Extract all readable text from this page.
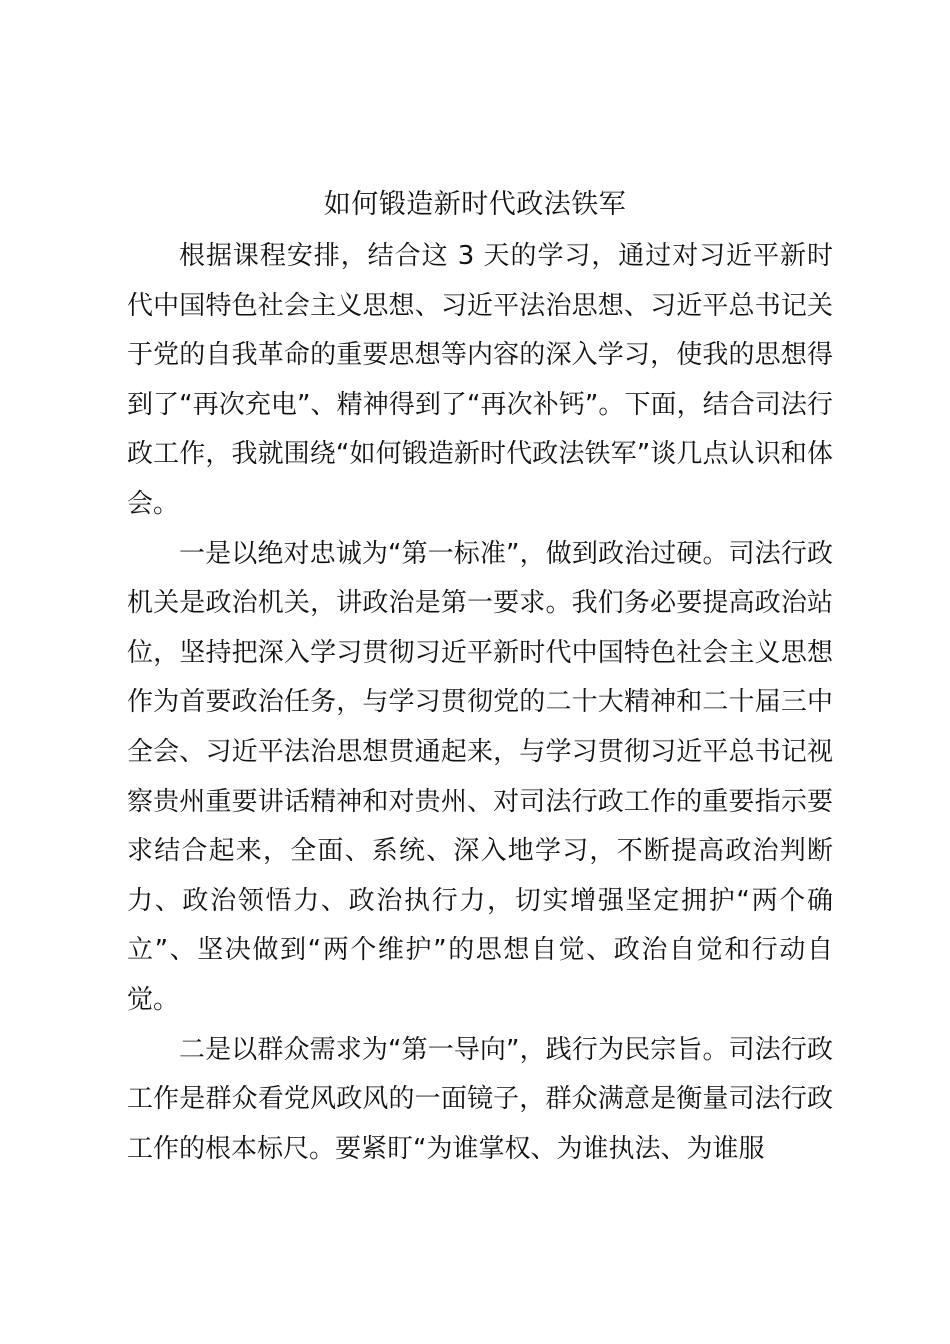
如何锻造新时代政法铁军

根据课程安排，结合这 3 天的学习，通过对习近平新时代中国特色社会主义思想、习近平法治思想、习近平总书记关于党的自我革命的重要思想等内容的深入学习，使我的思想得到了“再次充电”、精神得到了“再次补钙”。下面，结合司法行政工作，我就围绕“如何锻造新时代政法铁军”谈几点认识和体会。

一是以绝对忠诚为“第一标准”，做到政治过硬。司法行政机关是政治机关，讲政治是第一要求。我们务必要提高政治站位，坚持把深入学习贯彻习近平新时代中国特色社会主义思想作为首要政治任务，与学习贯彻党的二十大精神和二十届三中全会、习近平法治思想贯通起来，与学习贯彻习近平总书记视察贵州重要讲话精神和对贵州、对司法行政工作的重要指示要求结合起来，全面、系统、深入地学习，不断提高政治判断力、政治领悟力、政治执行力，切实增强坚定拥护“两个确立”、坚决做到“两个维护”的思想自觉、政治自觉和行动自觉。

二是以群众需求为“第一导向”，践行为民宗旨。司法行政工作是群众看党风政风的一面镜子，群众满意是衡量司法行政工作的根本标尺。要紧盯“为谁掌权、为谁执法、为谁服
